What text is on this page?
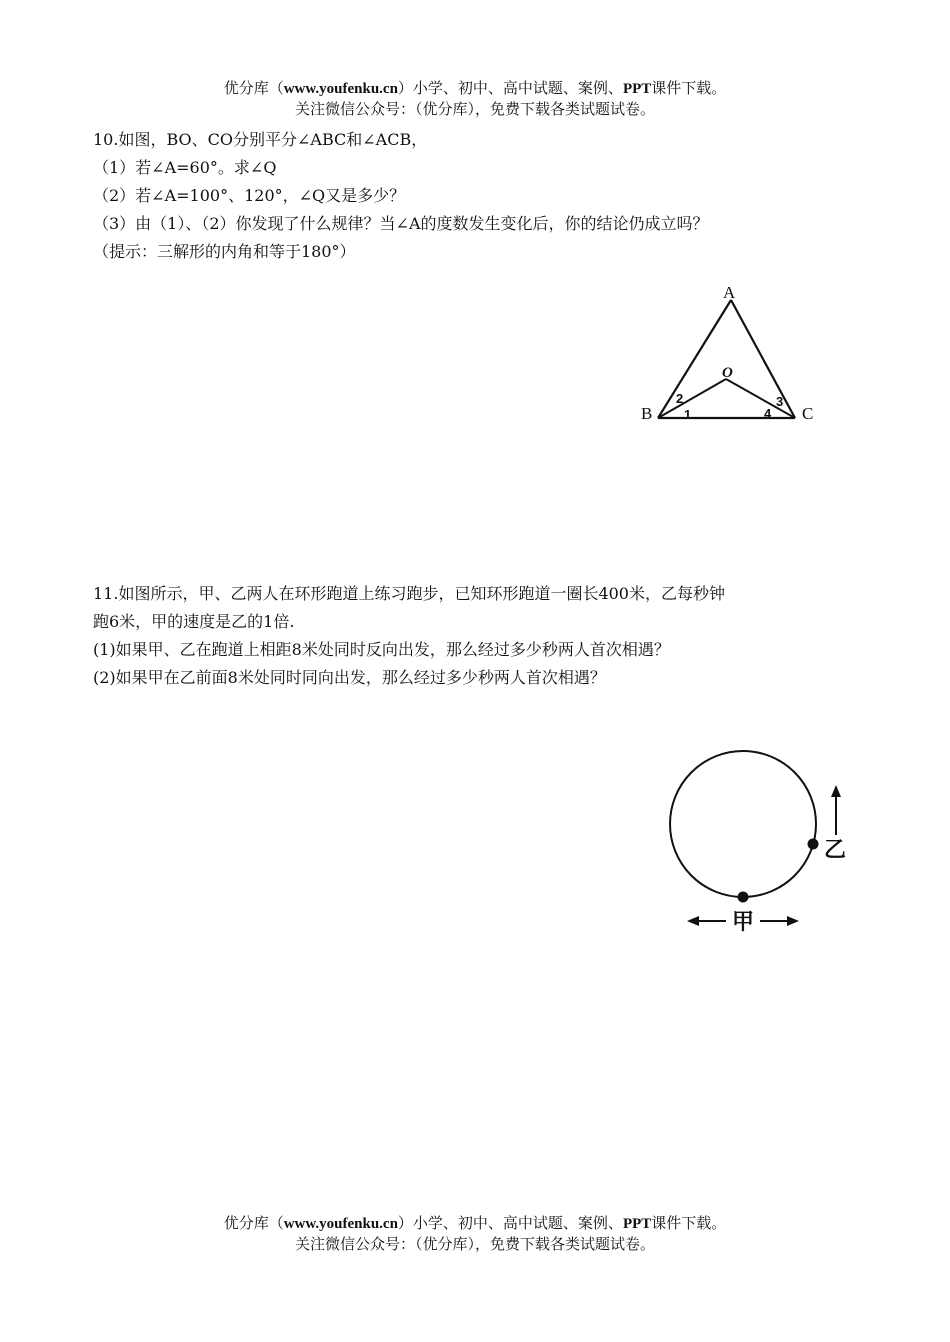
优分库（www.youfenku.cn）小学、初中、高中试题、案例、PPT课件下载。
关注微信公众号：（优分库），免费下载各类试题试卷。

10.如图，BO、CO分别平分∠ABC和∠ACB，

（1）若∠A=60°。求∠Q

（2）若∠A=100°、120°，∠Q又是多少？

（3）由（1）、（2）你发现了什么规律？当∠A的度数发生变化后，你的结论仍成立吗？

（提示：三解形的内角和等于180°）

A
B	C
O
1
2	3
4

11.如图所示，甲、乙两人在环形跑道上练习跑步，已知环形跑道一圈长400米，乙每秒钟

跑6米，甲的速度是乙的1倍.

(1)如果甲、乙在跑道上相距8米处同时反向出发，那么经过多少秒两人首次相遇？

(2)如果甲在乙前面8米处同时同向出发，那么经过多少秒两人首次相遇？

乙
甲
优分库（www.youfenku.cn）小学、初中、高中试题、案例、PPT课件下载。
关注微信公众号：（优分库），免费下载各类试题试卷。
